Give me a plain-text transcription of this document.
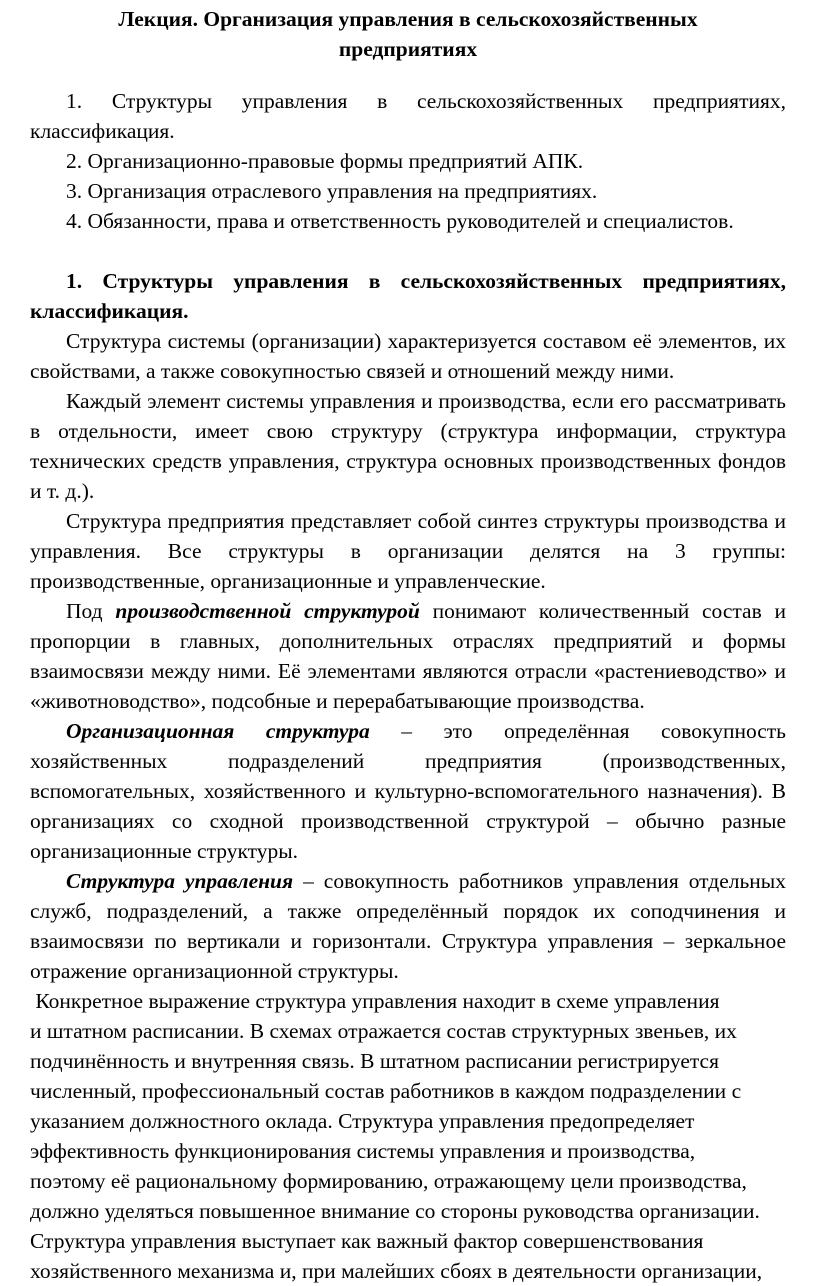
Лекция. Организация управления в сельскохозяйственных
предприятиях

1. Структуры управления в сельскохозяйственных предприятиях, классификация.

2. Организационно-правовые формы предприятий АПК.

3. Организация отраслевого управления на предприятиях.

4. Обязанности, права и ответственность руководителей и специалистов.

1. Структуры управления в сельскохозяйственных предприятиях, классификация.

Структура системы (организации) характеризуется составом её элементов, их свойствами, а также совокупностью связей и отношений между ними.

Каждый элемент системы управления и производства, если его рассматривать в отдельности, имеет свою структуру (структура информации, структура технических средств управления, структура основных производственных фондов и т. д.).

Структура предприятия представляет собой синтез структуры производства и управления. Все структуры в организации делятся на 3 группы: производственные, организационные и управленческие.

Под производственной структурой понимают количественный состав и пропорции в главных, дополнительных отраслях предприятий и формы взаимосвязи между ними. Её элементами являются отрасли «растениеводство» и «животноводство», подсобные и перерабатывающие производства.

Организационная структура – это определённая совокупность хозяйственных подразделений предприятия (производственных, вспомогательных, хозяйственного и культурно-вспомогательного назначения). В организациях со сходной производственной структурой – обычно разные организационные структуры.

Структура управления – совокупность работников управления отдельных служб, подразделений, а также определённый порядок их соподчинения и взаимосвязи по вертикали и горизонтали. Структура управления – зеркальное отражение организационной структуры.

Конкретное выражение структура управления находит в схеме управления
и штатном расписании. В схемах отражается состав структурных звеньев, их
подчинённость и внутренняя связь. В штатном расписании регистрируется
численный, профессиональный состав работников в каждом подразделении с
указанием должностного оклада. Структура управления предопределяет
эффективность функционирования системы управления и производства,
поэтому её рациональному формированию, отражающему цели производства,
должно уделяться повышенное внимание со стороны руководства организации.
Структура управления выступает как важный фактор совершенствования
хозяйственного механизма и, при малейших сбоях в деятельности организации,
